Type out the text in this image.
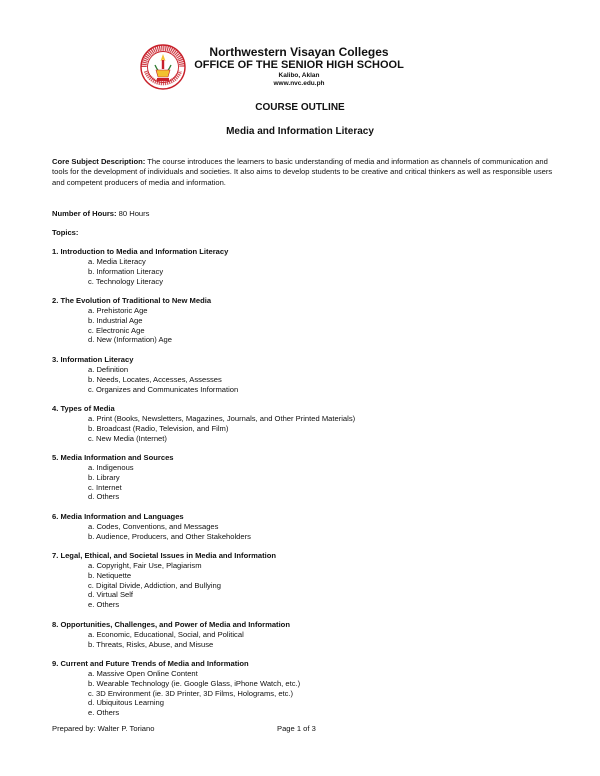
Northwestern Visayan Colleges

OFFICE OF THE SENIOR HIGH SCHOOL

Kalibo, Aklan

www.nvc.edu.ph

COURSE OUTLINE

Media and Information Literacy

Core Subject Description: The course introduces the learners to basic understanding of media and information as channels of communication and tools for the development of individuals and societies. It also aims to develop students to be creative and critical thinkers as well as responsible users and competent producers of media and information.

Number of Hours: 80 Hours

Topics:

1. Introduction to Media and Information Literacy
a. Media Literacy
b. Information Literacy
c. Technology Literacy
2. The Evolution of Traditional to New Media
a. Prehistoric Age
b. Industrial Age
c. Electronic Age
d. New (Information) Age
3. Information Literacy
a. Definition
b. Needs, Locates, Accesses, Assesses
c. Organizes and Communicates Information
4. Types of Media
a. Print (Books, Newsletters, Magazines, Journals, and Other Printed Materials)
b. Broadcast (Radio, Television, and Film)
c. New Media (Internet)
5. Media Information and Sources
a. Indigenous
b. Library
c. Internet
d. Others
6. Media Information and Languages
a. Codes, Conventions, and Messages
b. Audience, Producers, and Other Stakeholders
7. Legal, Ethical, and Societal Issues in Media and Information
a. Copyright, Fair Use, Plagiarism
b. Netiquette
c. Digital Divide, Addiction, and Bullying
d. Virtual Self
e. Others
8. Opportunities, Challenges, and Power of Media and Information
a. Economic, Educational, Social, and Political
b. Threats, Risks, Abuse, and Misuse
9. Current and Future Trends of Media and Information
a. Massive Open Online Content
b. Wearable Technology (ie. Google Glass, iPhone Watch, etc.)
c. 3D Environment (ie. 3D Printer, 3D Films, Holograms, etc.)
d. Ubiquitous Learning
e. Others

Prepared by: Walter P. Toriano	Page 1 of 3
